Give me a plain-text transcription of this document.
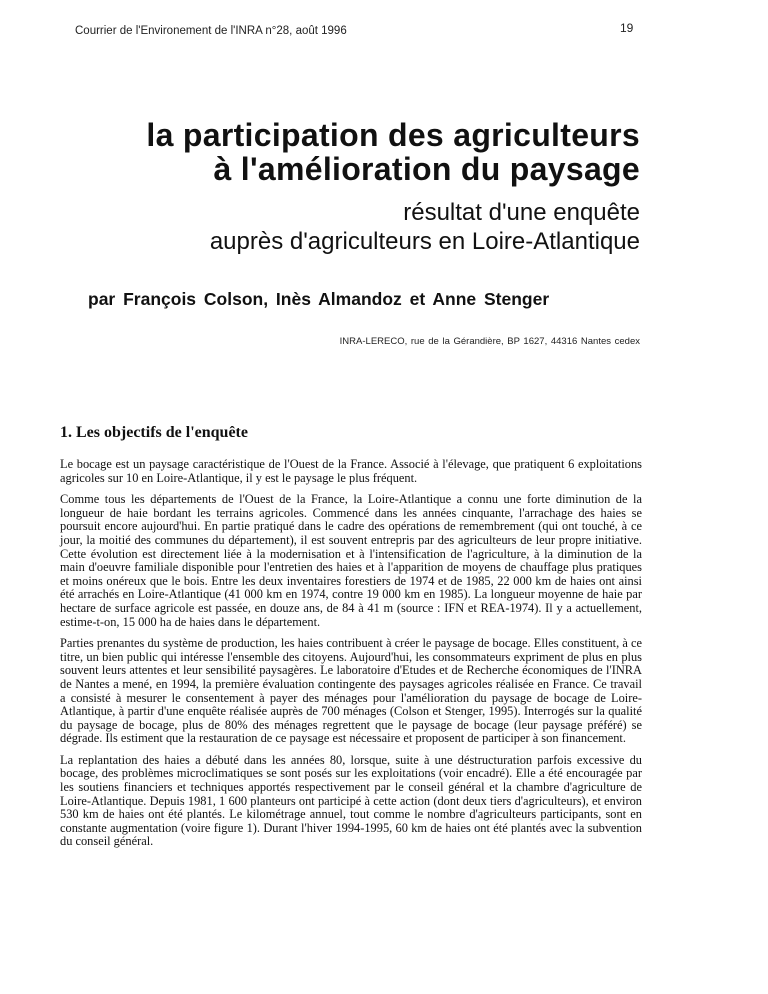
Courrier de l'Environement de l'INRA n°28, août 1996	19
la participation des agriculteurs
à l'amélioration du paysage
résultat d'une enquête
auprès d'agriculteurs en Loire-Atlantique
par François Colson, Inès Almandoz et Anne Stenger
INRA-LERECO, rue de la Gérandière, BP 1627, 44316 Nantes cedex
1. Les objectifs de l'enquête

Le bocage est un paysage caractéristique de l'Ouest de la France. Associé à l'élevage, que pratiquent 6 exploitations agricoles sur 10 en Loire-Atlantique, il y est le paysage le plus fréquent.

Comme tous les départements de l'Ouest de la France, la Loire-Atlantique a connu une forte diminution de la longueur de haie bordant les terrains agricoles. Commencé dans les années cinquante, l'arrachage des haies se poursuit encore aujourd'hui. En partie pratiqué dans le cadre des opérations de remembrement (qui ont touché, à ce jour, la moitié des communes du département), il est souvent entrepris par des agriculteurs de leur propre initiative. Cette évolution est directement liée à la modernisation et à l'intensification de l'agriculture, à la diminution de la main d'oeuvre familiale disponible pour l'entretien des haies et à l'apparition de moyens de chauffage plus pratiques et moins onéreux que le bois. Entre les deux inventaires forestiers de 1974 et de 1985, 22 000 km de haies ont ainsi été arrachés en Loire-Atlantique (41 000 km en 1974, contre 19 000 km en 1985). La longueur moyenne de haie par hectare de surface agricole est passée, en douze ans, de 84 à 41 m (source : IFN et REA-1974). Il y a actuellement, estime-t-on, 15 000 ha de haies dans le département.

Parties prenantes du système de production, les haies contribuent à créer le paysage de bocage. Elles constituent, à ce titre, un bien public qui intéresse l'ensemble des citoyens. Aujourd'hui, les consommateurs expriment de plus en plus souvent leurs attentes et leur sensibilité paysagères. Le laboratoire d'Etudes et de Recherche économiques de l'INRA de Nantes a mené, en 1994, la première évaluation contingente des paysages agricoles réalisée en France. Ce travail a consisté à mesurer le consentement à payer des ménages pour l'amélioration du paysage de bocage de Loire-Atlantique, à partir d'une enquête réalisée auprès de 700 ménages (Colson et Stenger, 1995). Interrogés sur la qualité du paysage de bocage, plus de 80% des ménages regrettent que le paysage de bocage (leur paysage préféré) se dégrade. Ils estiment que la restauration de ce paysage est nécessaire et proposent de participer à son financement.

La replantation des haies a débuté dans les années 80, lorsque, suite à une déstructuration parfois excessive du bocage, des problèmes microclimatiques se sont posés sur les exploitations (voir encadré). Elle a été encouragée par les soutiens financiers et techniques apportés respectivement par le conseil général et la chambre d'agriculture de Loire-Atlantique. Depuis 1981, 1 600 planteurs ont participé à cette action (dont deux tiers d'agriculteurs), et environ 530 km de haies ont été plantés. Le kilométrage annuel, tout comme le nombre d'agriculteurs participants, sont en constante augmentation (voire figure 1). Durant l'hiver 1994-1995, 60 km de haies ont été plantés avec la subvention du conseil général.
